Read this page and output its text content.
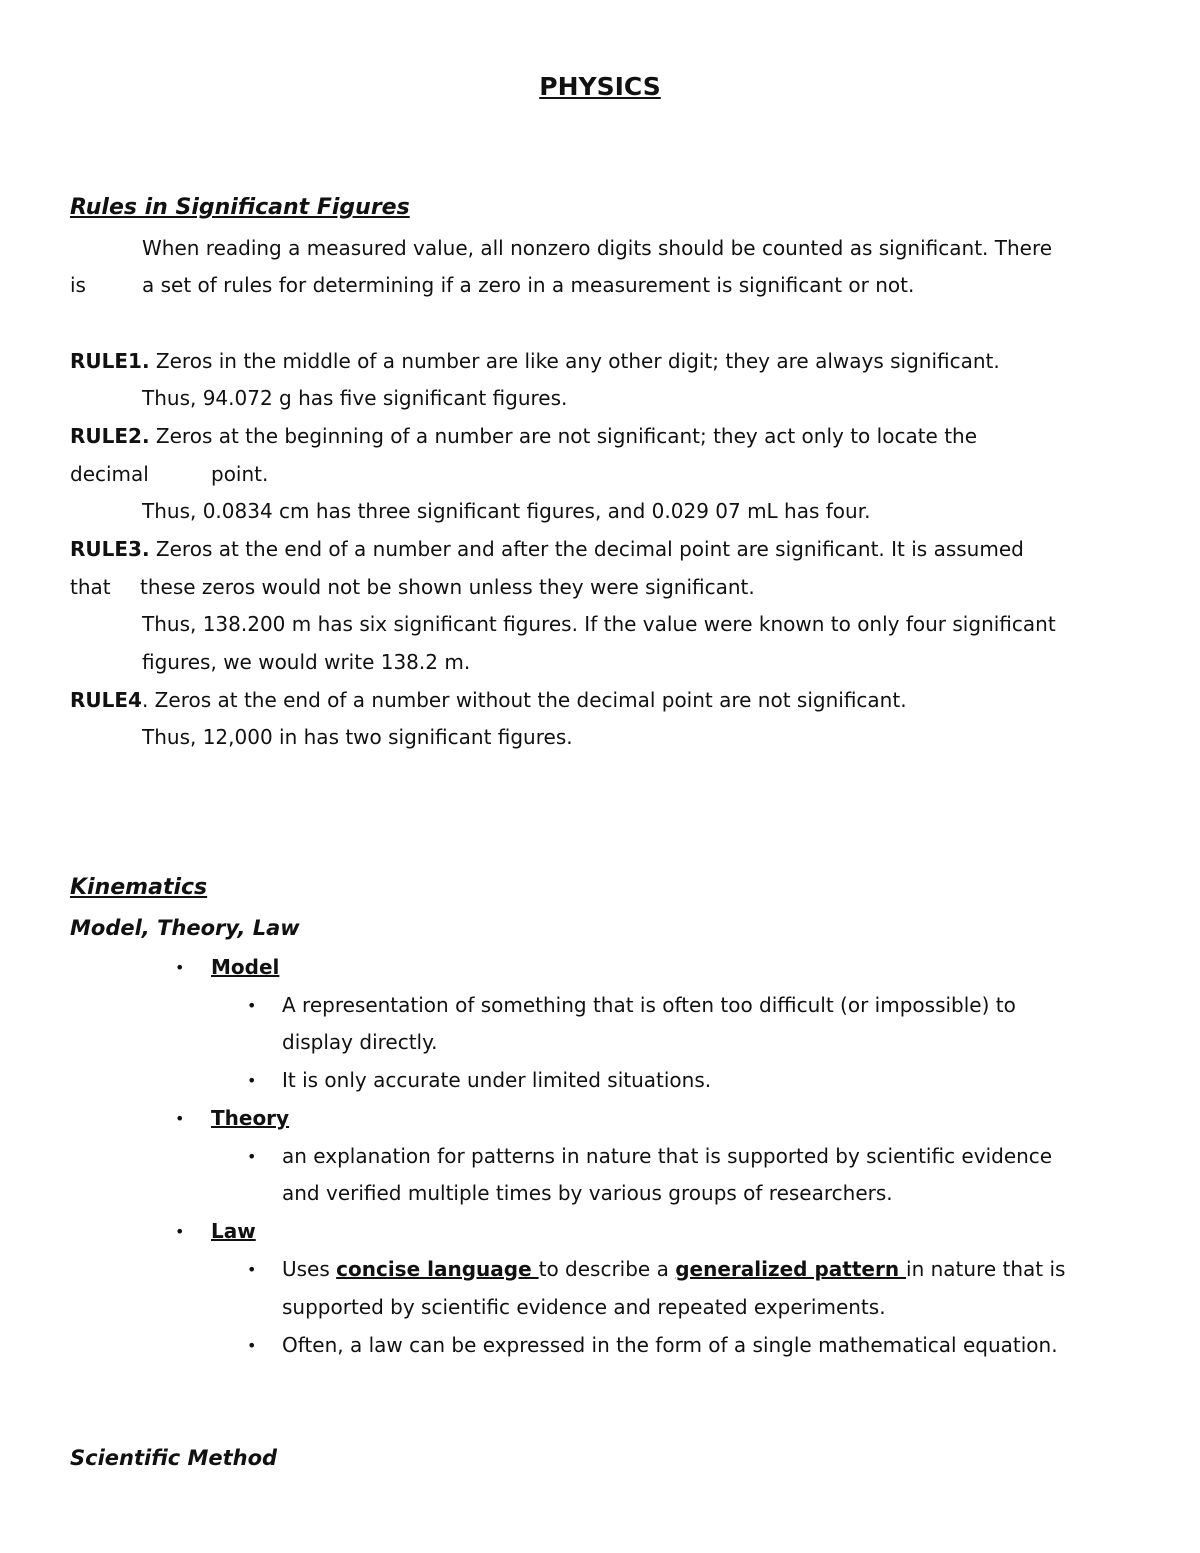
PHYSICS
Rules in Significant Figures
When reading a measured value, all nonzero digits should be counted as significant. There
is	a set of rules for determining if a zero in a measurement is significant or not.
RULE1. Zeros in the middle of a number are like any other digit; they are always significant.
Thus, 94.072 g has five significant figures.
RULE2. Zeros at the beginning of a number are not significant; they act only to locate the
decimal	point.
Thus, 0.0834 cm has three significant figures, and 0.029 07 mL has four.
RULE3. Zeros at the end of a number and after the decimal point are significant. It is assumed
that these zeros would not be shown unless they were significant.
Thus, 138.200 m has six significant figures. If the value were known to only four significant
figures, we would write 138.2 m.
RULE4. Zeros at the end of a number without the decimal point are not significant.
Thus, 12,000 in has two significant figures.
Kinematics
Model, Theory, Law
• Model
• A representation of something that is often too difficult (or impossible) to
display directly.
• It is only accurate under limited situations.
• Theory
• an explanation for patterns in nature that is supported by scientific evidence
and verified multiple times by various groups of researchers.
• Law
• Uses concise language to describe a generalized pattern in nature that is
supported by scientific evidence and repeated experiments.
• Often, a law can be expressed in the form of a single mathematical equation.
Scientific Method
